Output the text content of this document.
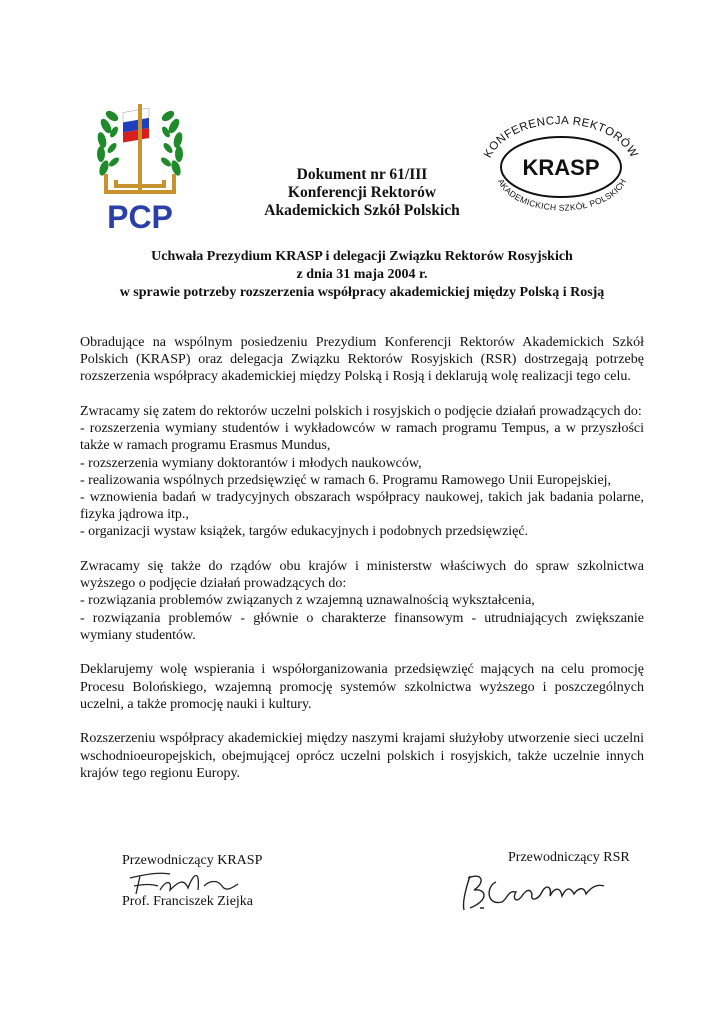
PCP
KONFERENCJA REKTORÓW
AKADEMICKICH SZKÓŁ POLSKICH
KRASP
Dokument nr 61/III
Konferencji Rektorów
Akademickich Szkół Polskich
Uchwała Prezydium KRASP i delegacji Związku Rektorów Rosyjskich
z dnia 31 maja 2004 r.
w sprawie potrzeby rozszerzenia współpracy akademickiej między Polską i Rosją

Obradujące na wspólnym posiedzeniu Prezydium Konferencji Rektorów Akademickich Szkół Polskich (KRASP) oraz delegacja Związku Rektorów Rosyjskich (RSR) dostrzegają potrzebę rozszerzenia współpracy akademickiej między Polską i Rosją i deklarują wolę realizacji tego celu.

Zwracamy się zatem do rektorów uczelni polskich i rosyjskich o podjęcie działań prowadzących do:
- rozszerzenia wymiany studentów i wykładowców w ramach programu Tempus, a w przyszłości także w ramach programu Erasmus Mundus,
- rozszerzenia wymiany doktorantów i młodych naukowców,
- realizowania wspólnych przedsięwzięć w ramach 6. Programu Ramowego Unii Europejskiej,
- wznowienia badań w tradycyjnych obszarach współpracy naukowej, takich jak badania polarne, fizyka jądrowa itp.,
- organizacji wystaw książek, targów edukacyjnych i podobnych przedsięwzięć.

Zwracamy się także do rządów obu krajów i ministerstw właściwych do spraw szkolnictwa wyższego o podjęcie działań prowadzących do:
- rozwiązania problemów związanych z wzajemną uznawalnością wykształcenia,
- rozwiązania problemów - głównie o charakterze finansowym - utrudniających zwiększanie wymiany studentów.

Deklarujemy wolę wspierania i współorganizowania przedsięwzięć mających na celu promocję Procesu Bolońskiego, wzajemną promocję systemów szkolnictwa wyższego i poszczególnych uczelni, a także promocję nauki i kultury.

Rozszerzeniu współpracy akademickiej między naszymi krajami służyłoby utworzenie sieci uczelni wschodnioeuropejskich, obejmującej oprócz uczelni polskich i rosyjskich, także uczelnie innych krajów tego regionu Europy.

Przewodniczący KRASP
Prof. Franciszek Ziejka
Przewodniczący RSR
